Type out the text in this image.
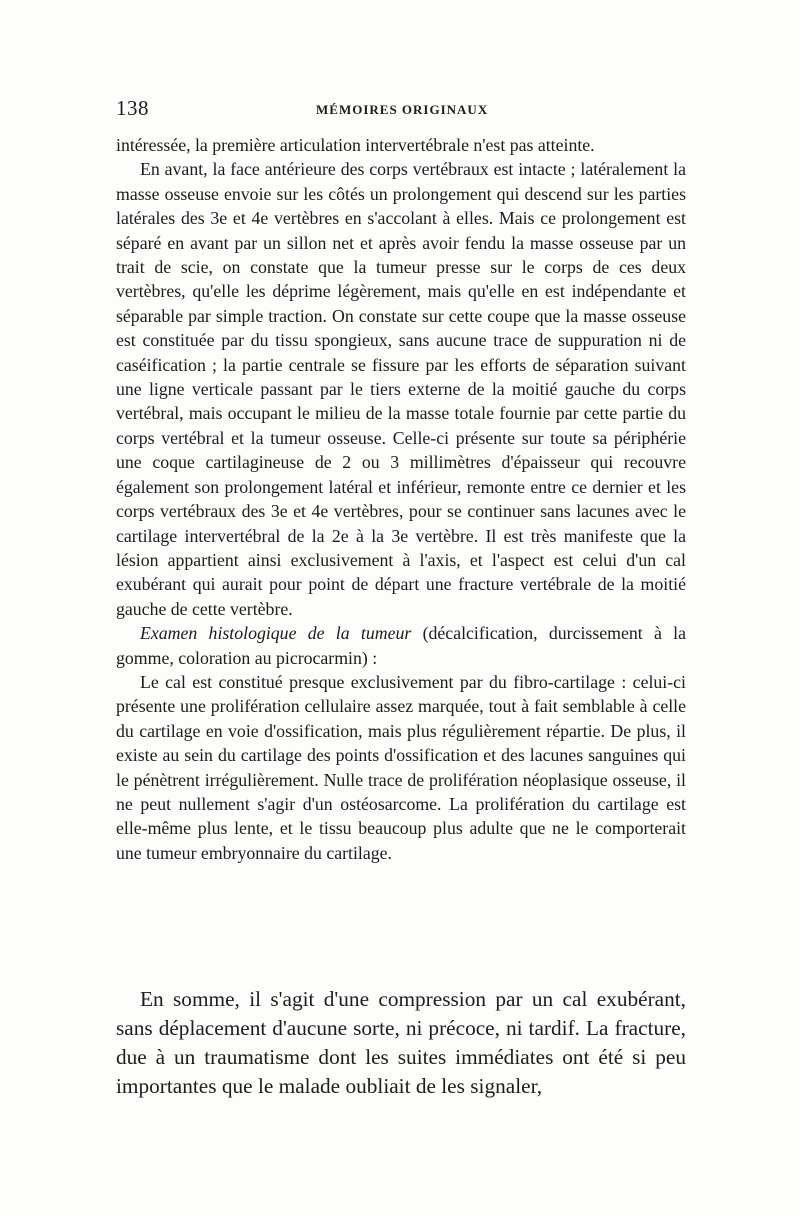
138	MÉMOIRES ORIGINAUX

intéressée, la première articulation intervertébrale n'est pas atteinte.

En avant, la face antérieure des corps vertébraux est intacte ; latéralement la masse osseuse envoie sur les côtés un prolongement qui descend sur les parties latérales des 3e et 4e vertèbres en s'accolant à elles. Mais ce prolongement est séparé en avant par un sillon net et après avoir fendu la masse osseuse par un trait de scie, on constate que la tumeur presse sur le corps de ces deux vertèbres, qu'elle les déprime légèrement, mais qu'elle en est indépendante et séparable par simple traction. On constate sur cette coupe que la masse osseuse est constituée par du tissu spongieux, sans aucune trace de suppuration ni de caséification ; la partie centrale se fissure par les efforts de séparation suivant une ligne verticale passant par le tiers externe de la moitié gauche du corps vertébral, mais occupant le milieu de la masse totale fournie par cette partie du corps vertébral et la tumeur osseuse. Celle-ci présente sur toute sa périphérie une coque cartilagineuse de 2 ou 3 millimètres d'épaisseur qui recouvre également son prolongement latéral et inférieur, remonte entre ce dernier et les corps vertébraux des 3e et 4e vertèbres, pour se continuer sans lacunes avec le cartilage intervertébral de la 2e à la 3e vertèbre. Il est très manifeste que la lésion appartient ainsi exclusivement à l'axis, et l'aspect est celui d'un cal exubérant qui aurait pour point de départ une fracture vertébrale de la moitié gauche de cette vertèbre.

Examen histologique de la tumeur (décalcification, durcissement à la gomme, coloration au picrocarmin) :

Le cal est constitué presque exclusivement par du fibro-cartilage : celui-ci présente une prolifération cellulaire assez marquée, tout à fait semblable à celle du cartilage en voie d'ossification, mais plus régulièrement répartie. De plus, il existe au sein du cartilage des points d'ossification et des lacunes sanguines qui le pénètrent irrégulièrement. Nulle trace de prolifération néoplasique osseuse, il ne peut nullement s'agir d'un ostéosarcome. La prolifération du cartilage est elle-même plus lente, et le tissu beaucoup plus adulte que ne le comporterait une tumeur embryonnaire du cartilage.

En somme, il s'agit d'une compression par un cal exubérant, sans déplacement d'aucune sorte, ni précoce, ni tardif. La fracture, due à un traumatisme dont les suites immédiates ont été si peu importantes que le malade oubliait de les signaler,
